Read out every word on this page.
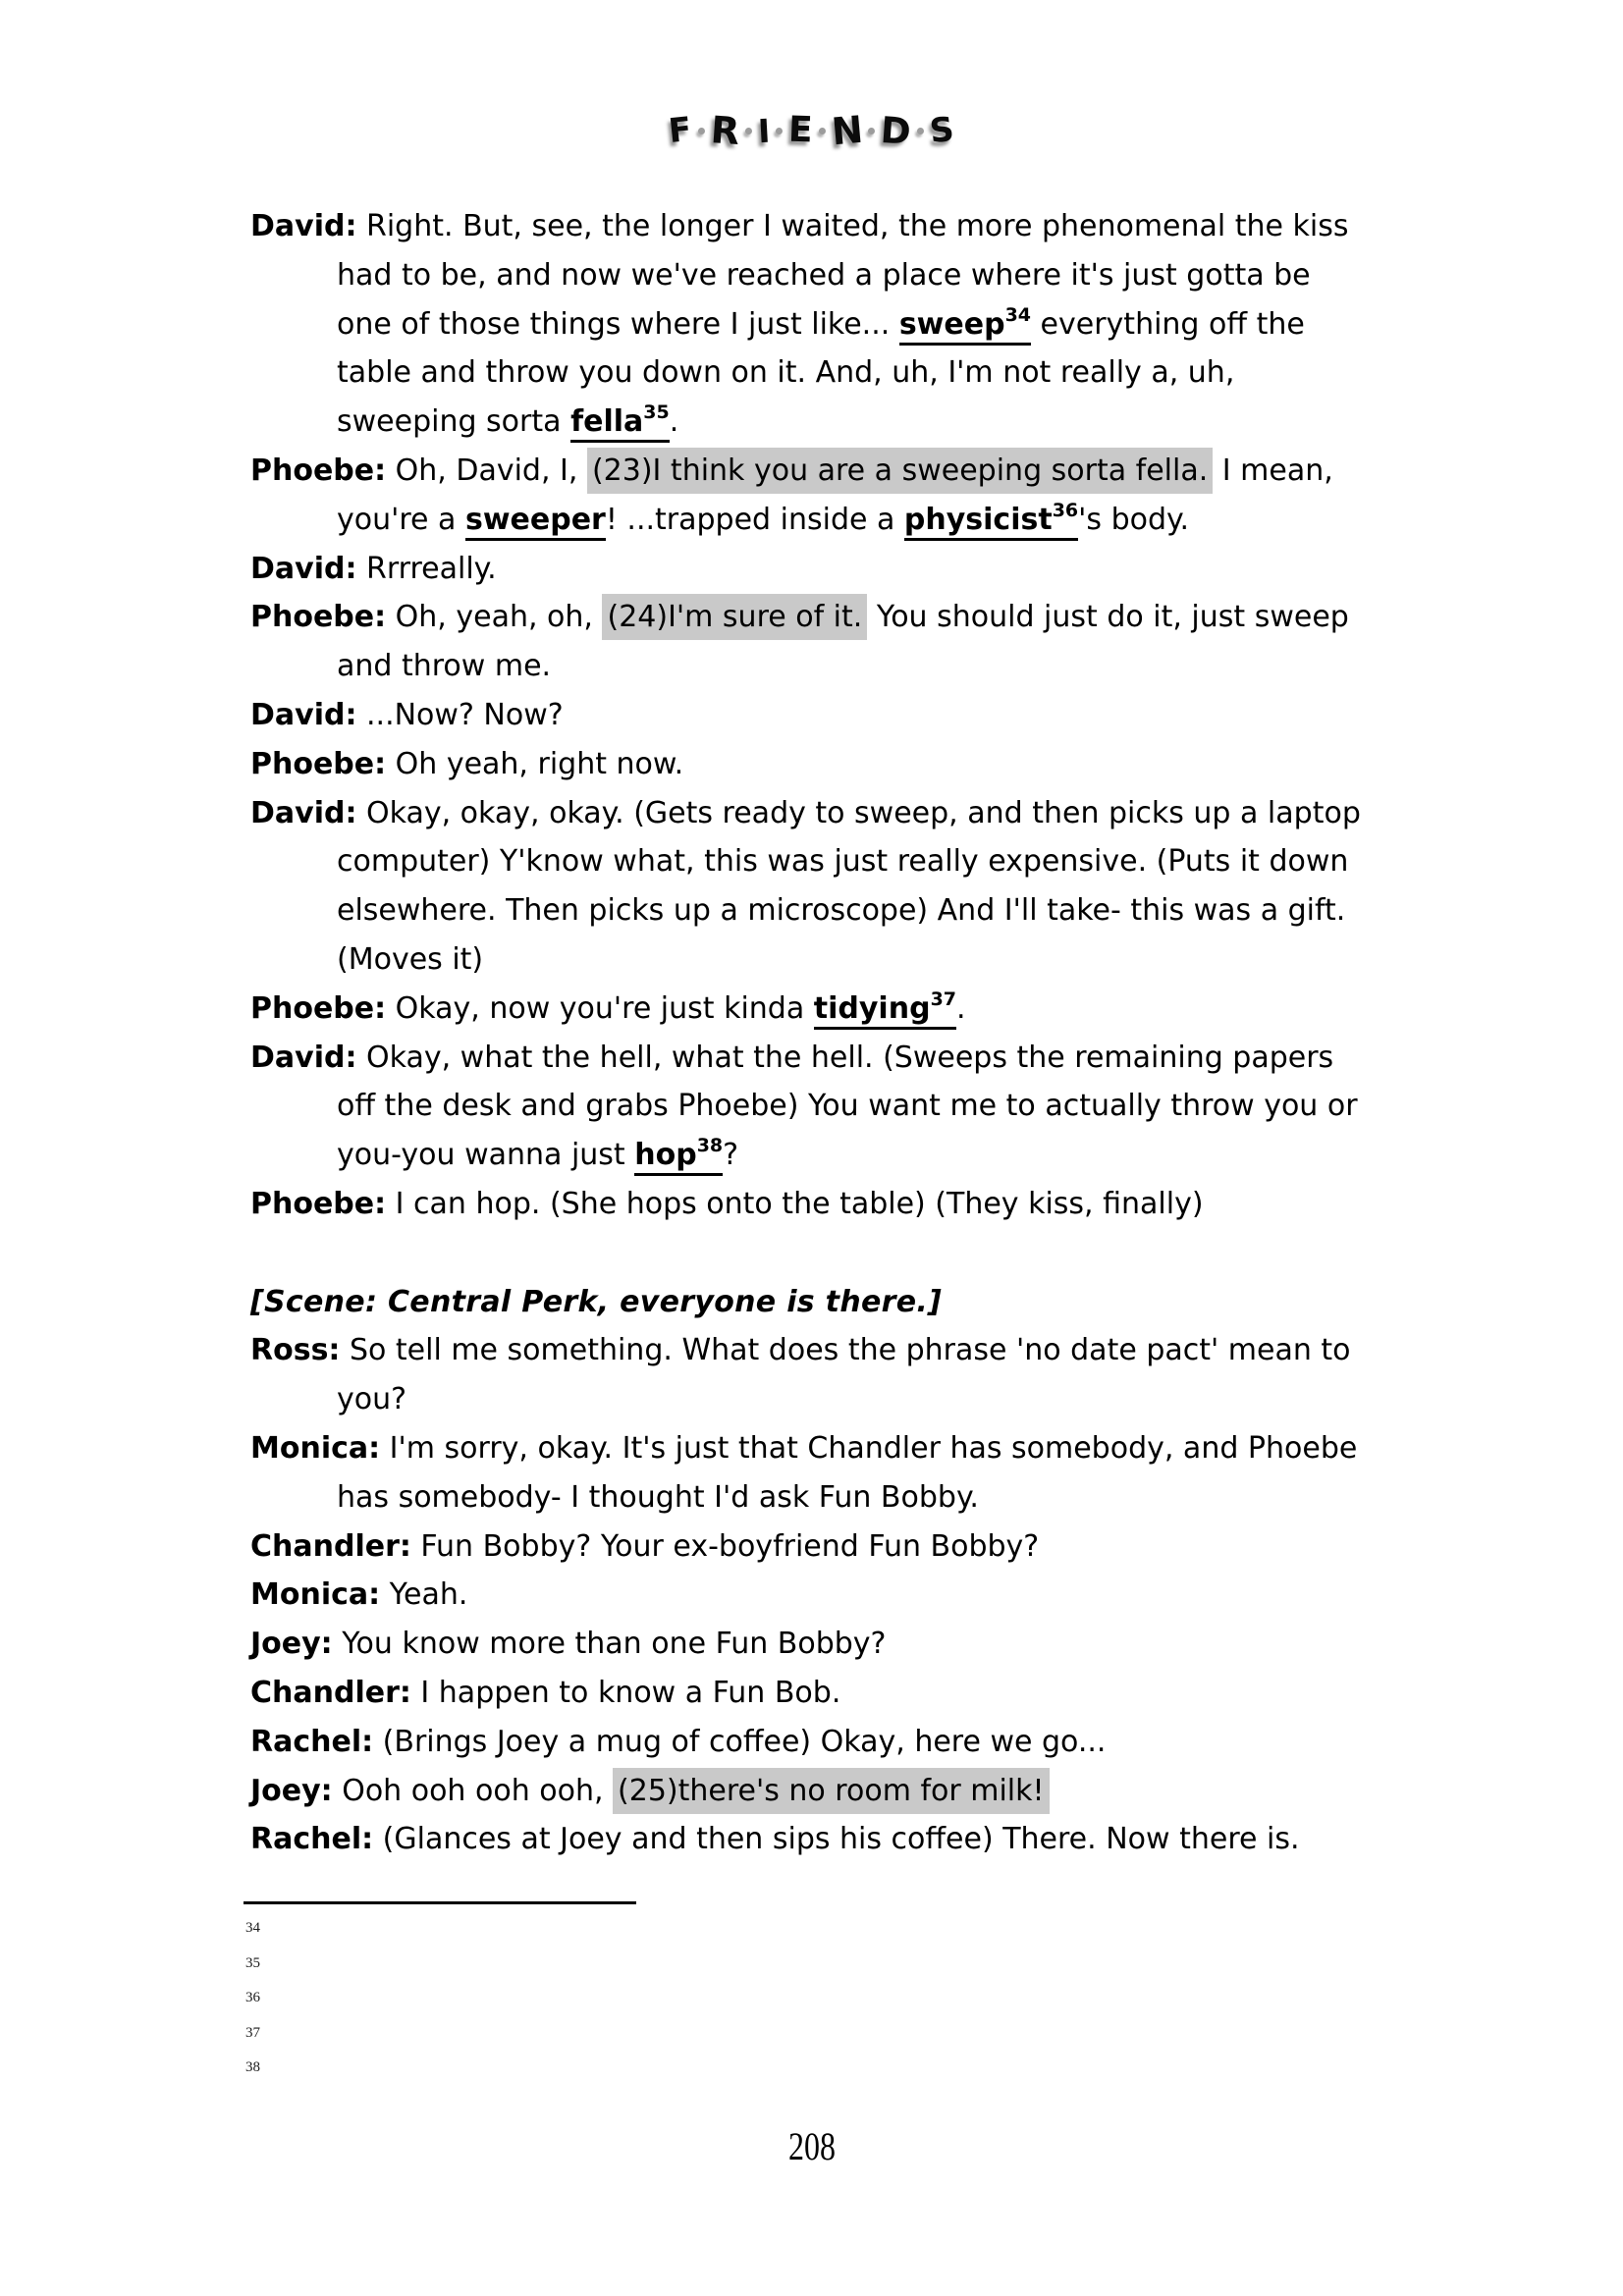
F R I E N D S
David: Right. But, see, the longer I waited, the more phenomenal the kiss
had to be, and now we've reached a place where it's just gotta be
one of those things where I just like... sweep$^{34}$ everything off the
table and throw you down on it. And, uh, I'm not really a, uh,
sweeping sorta fella$^{35}$.
Phoebe: Oh, David, I, (23)I think you are a sweeping sorta fella. I mean,
you're a sweeper! ...trapped inside a physicist$^{36}$'s body.
David: Rrrreally.
Phoebe: Oh, yeah, oh, (24)I'm sure of it. You should just do it, just sweep
and throw me.
David: ...Now? Now?
Phoebe: Oh yeah, right now.
David: Okay, okay, okay. (Gets ready to sweep, and then picks up a laptop
computer) Y'know what, this was just really expensive. (Puts it down
elsewhere. Then picks up a microscope) And I'll take- this was a gift.
(Moves it)
Phoebe: Okay, now you're just kinda tidying$^{37}$.
David: Okay, what the hell, what the hell. (Sweeps the remaining papers
off the desk and grabs Phoebe) You want me to actually throw you or
you-you wanna just hop$^{38}$?
Phoebe: I can hop. (She hops onto the table) (They kiss, finally)
[Scene: Central Perk, everyone is there.]
Ross: So tell me something. What does the phrase 'no date pact' mean to
you?
Monica: I'm sorry, okay. It's just that Chandler has somebody, and Phoebe
has somebody- I thought I'd ask Fun Bobby.
Chandler: Fun Bobby? Your ex-boyfriend Fun Bobby?
Monica: Yeah.
Joey: You know more than one Fun Bobby?
Chandler: I happen to know a Fun Bob.
Rachel: (Brings Joey a mug of coffee) Okay, here we go...
Joey: Ooh ooh ooh ooh, (25)there's no room for milk!
Rachel: (Glances at Joey and then sips his coffee) There. Now there is.
34
35
36
37
38
208
